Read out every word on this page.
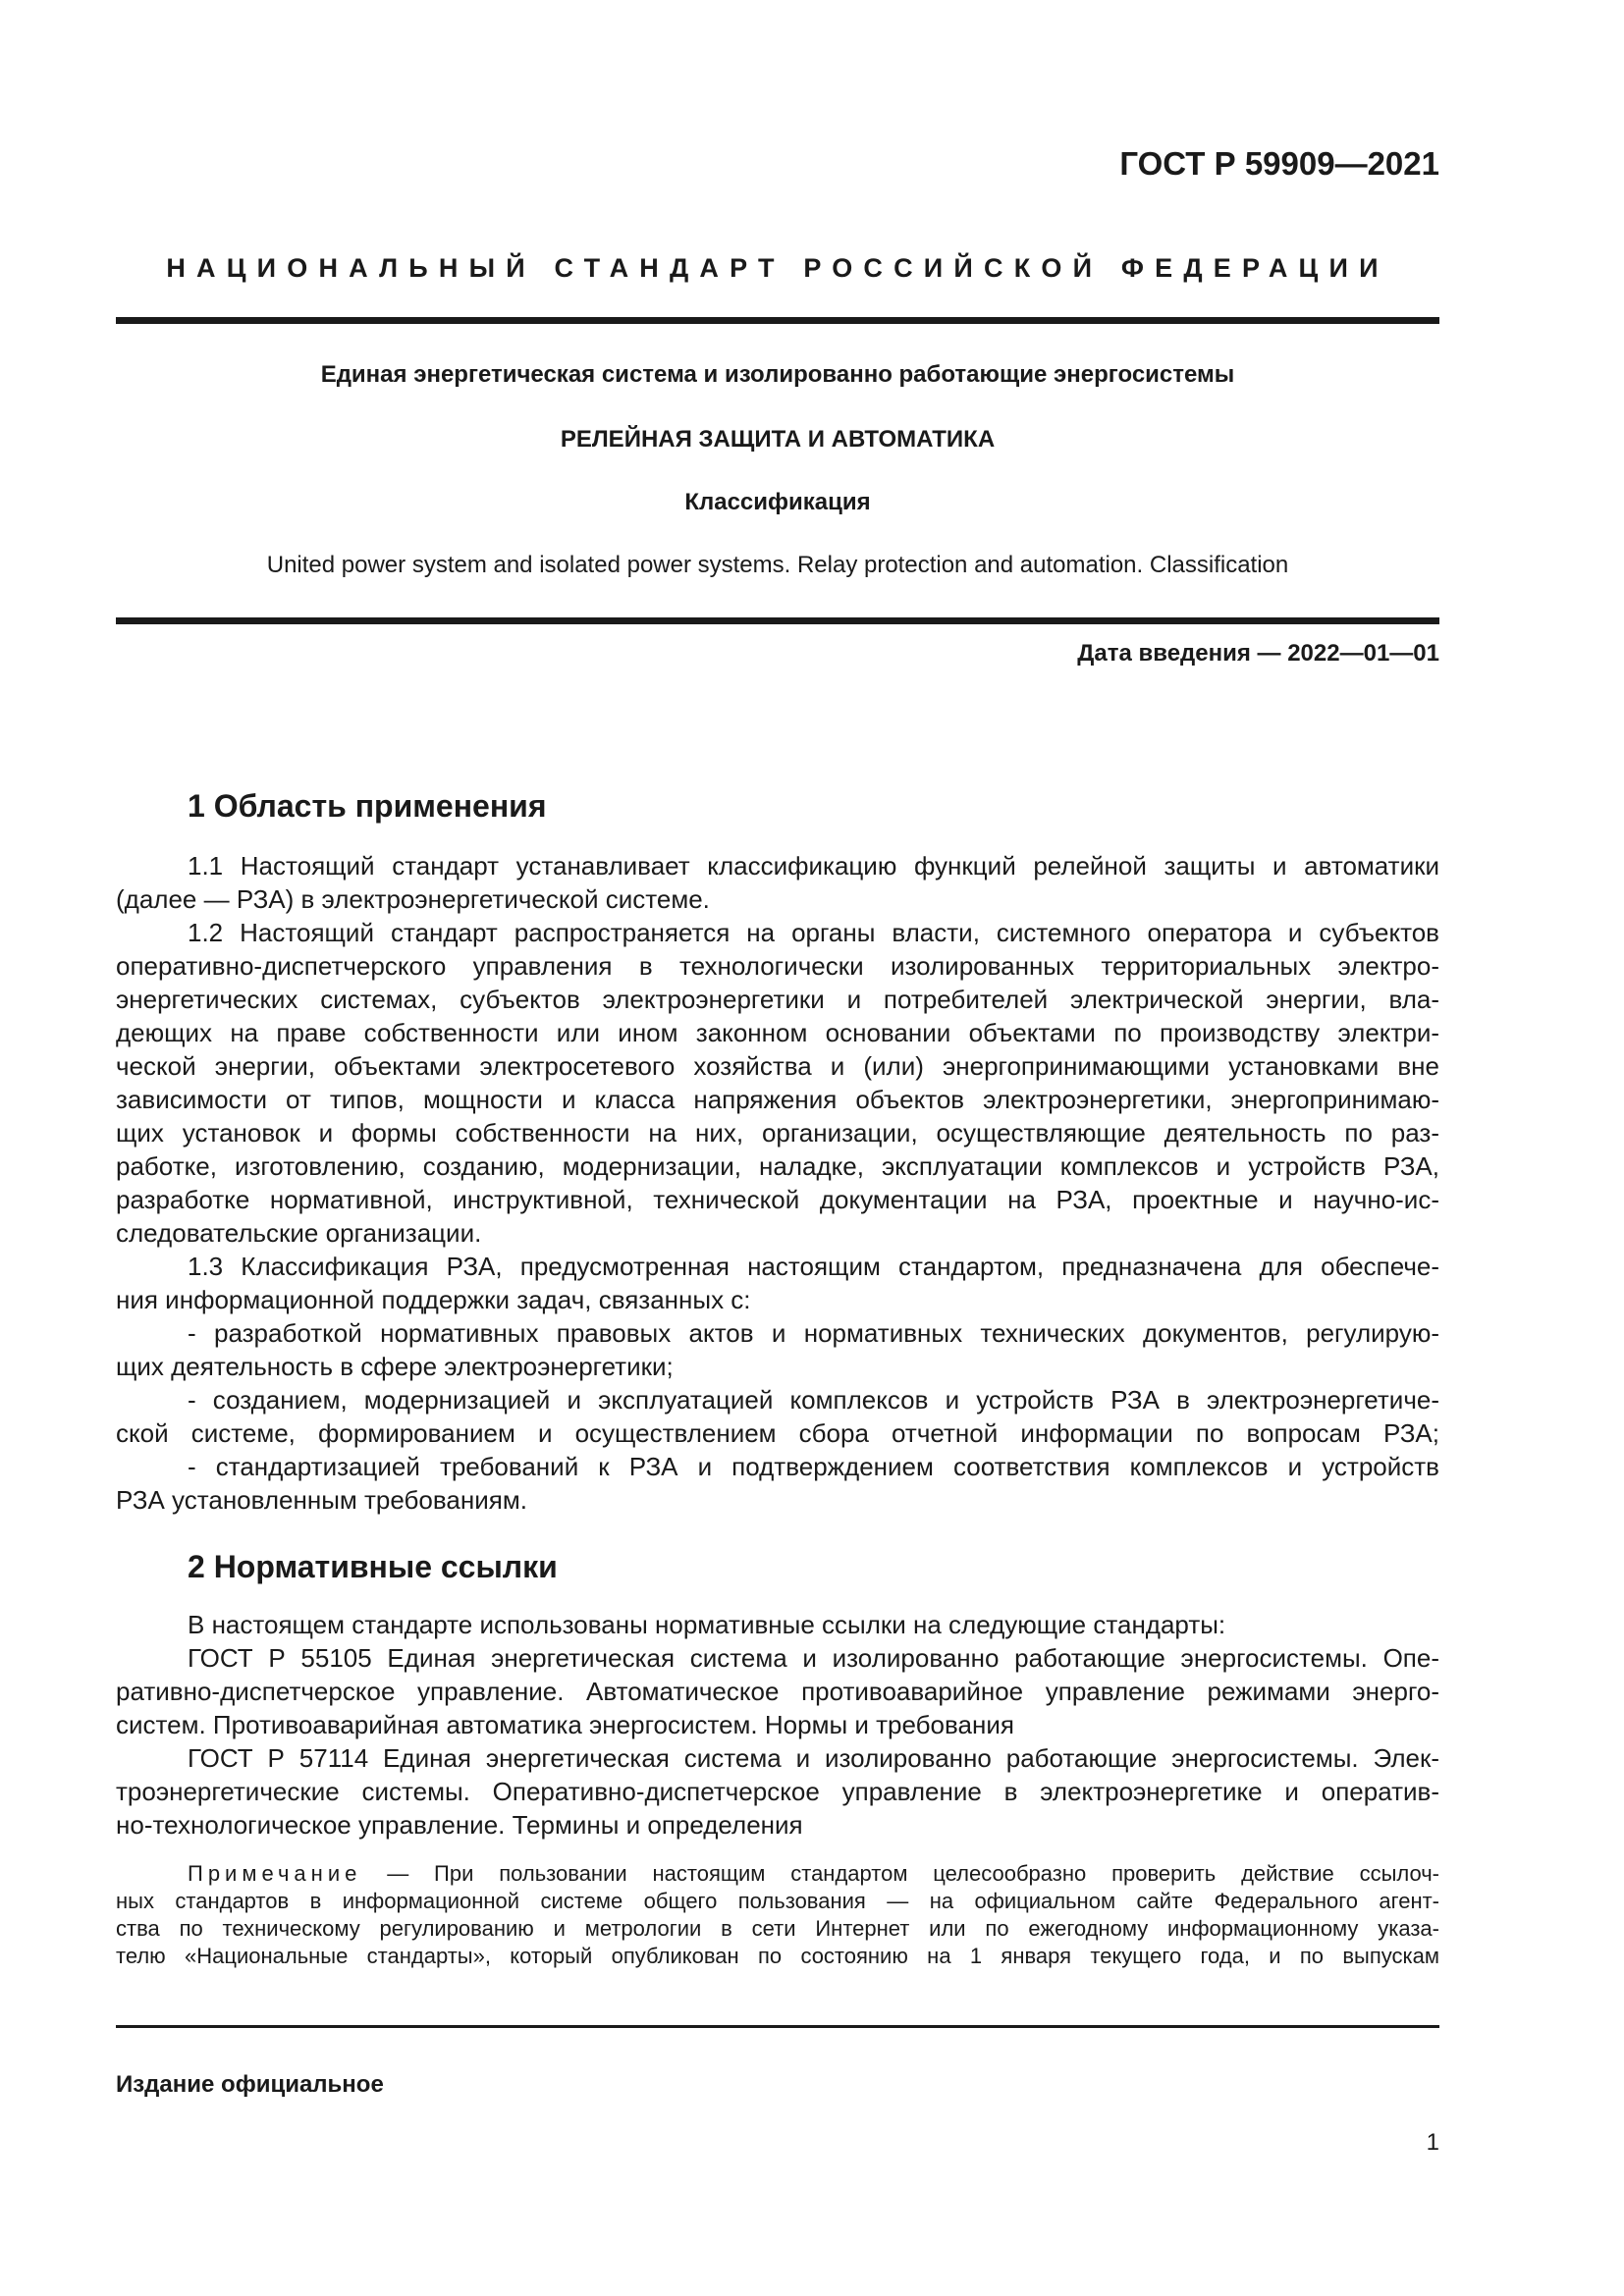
ГОСТ Р 59909—2021
НАЦИОНАЛЬНЫЙ СТАНДАРТ РОССИЙСКОЙ ФЕДЕРАЦИИ
Единая энергетическая система и изолированно работающие энергосистемы
РЕЛЕЙНАЯ ЗАЩИТА И АВТОМАТИКА
Классификация
United power system and isolated power systems. Relay protection and automation. Classification
Дата введения — 2022—01—01
1 Область применения
1.1 Настоящий стандарт устанавливает классификацию функций релейной защиты и автоматики
(далее — РЗА) в электроэнергетической системе.
1.2 Настоящий стандарт распространяется на органы власти, системного оператора и субъектов
оперативно-диспетчерского управления в технологически изолированных территориальных электро-
энергетических системах, субъектов электроэнергетики и потребителей электрической энергии, вла-
деющих на праве собственности или ином законном основании объектами по производству электри-
ческой энергии, объектами электросетевого хозяйства и (или) энергопринимающими установками вне
зависимости от типов, мощности и класса напряжения объектов электроэнергетики, энергопринимаю-
щих установок и формы собственности на них, организации, осуществляющие деятельность по раз-
работке, изготовлению, созданию, модернизации, наладке, эксплуатации комплексов и устройств РЗА,
разработке нормативной, инструктивной, технической документации на РЗА, проектные и научно-ис-
следовательские организации.
1.3 Классификация РЗА, предусмотренная настоящим стандартом, предназначена для обеспече-
ния информационной поддержки задач, связанных с:
- разработкой нормативных правовых актов и нормативных технических документов, регулирую-
щих деятельность в сфере электроэнергетики;
- созданием, модернизацией и эксплуатацией комплексов и устройств РЗА в электроэнергетиче-
ской системе, формированием и осуществлением сбора отчетной информации по вопросам РЗА;
- стандартизацией требований к РЗА и подтверждением соответствия комплексов и устройств
РЗА установленным требованиям.
2 Нормативные ссылки
В настоящем стандарте использованы нормативные ссылки на следующие стандарты:
ГОСТ Р 55105 Единая энергетическая система и изолированно работающие энергосистемы. Опе-
ративно-диспетчерское управление. Автоматическое противоаварийное управление режимами энерго-
систем. Противоаварийная автоматика энергосистем. Нормы и требования
ГОСТ Р 57114 Единая энергетическая система и изолированно работающие энергосистемы. Элек-
троэнергетические системы. Оперативно-диспетчерское управление в электроэнергетике и оператив-
но-технологическое управление. Термины и определения
Примечание — При пользовании настоящим стандартом целесообразно проверить действие ссылоч-
ных стандартов в информационной системе общего пользования — на официальном сайте Федерального агент-
ства по техническому регулированию и метрологии в сети Интернет или по ежегодному информационному указа-
телю «Национальные стандарты», который опубликован по состоянию на 1 января текущего года, и по выпускам
Издание официальное
1
